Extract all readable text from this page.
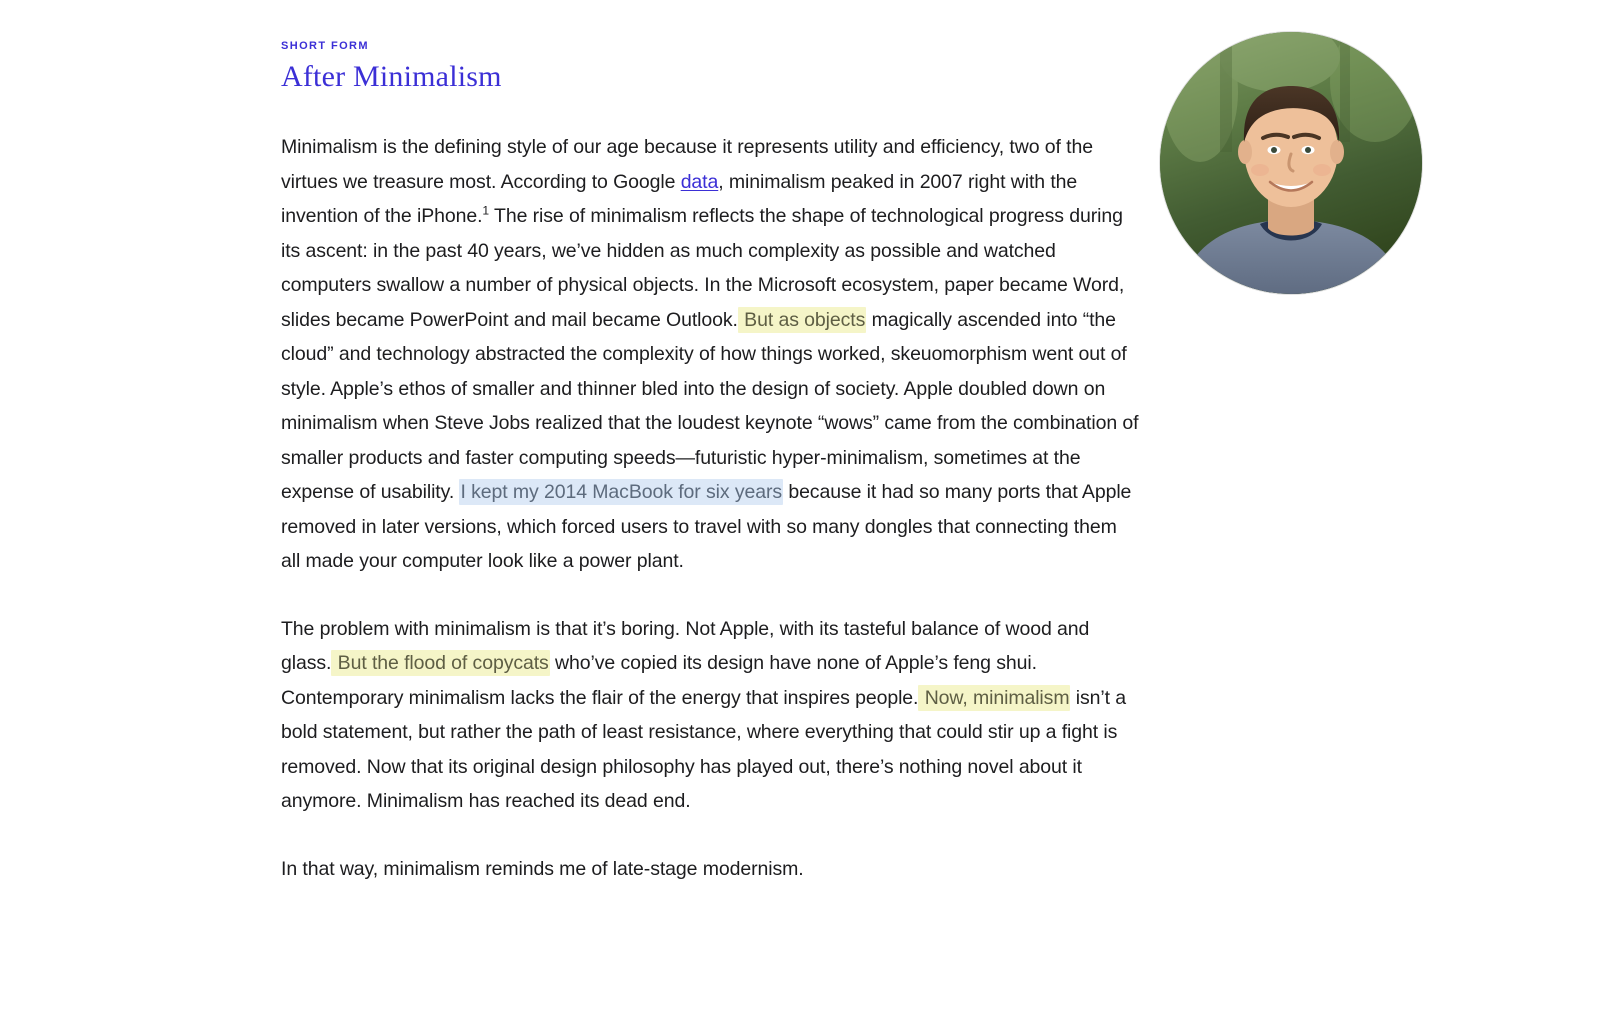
SHORT FORM
After Minimalism

Minimalism is the defining style of our age because it represents utility and efficiency, two of the virtues we treasure most. According to Google data, minimalism peaked in 2007 right with the invention of the iPhone.$^1$ The rise of minimalism reflects the shape of technological progress during its ascent: in the past 40 years, we’ve hidden as much complexity as possible and watched computers swallow a number of physical objects. In the Microsoft ecosystem, paper became Word, slides became PowerPoint and mail became Outlook. But as objects magically ascended into “the cloud” and technology abstracted the complexity of how things worked, skeuomorphism went out of style. Apple’s ethos of smaller and thinner bled into the design of society. Apple doubled down on minimalism when Steve Jobs realized that the loudest keynote “wows” came from the combination of smaller products and faster computing speeds—futuristic hyper-minimalism, sometimes at the expense of usability. I kept my 2014 MacBook for six years because it had so many ports that Apple removed in later versions, which forced users to travel with so many dongles that connecting them all made your computer look like a power plant.

The problem with minimalism is that it’s boring. Not Apple, with its tasteful balance of wood and glass. But the flood of copycats who’ve copied its design have none of Apple’s feng shui. Contemporary minimalism lacks the flair of the energy that inspires people. Now, minimalism isn’t a bold statement, but rather the path of least resistance, where everything that could stir up a fight is removed. Now that its original design philosophy has played out, there’s nothing novel about it anymore. Minimalism has reached its dead end.

In that way, minimalism reminds me of late-stage modernism.
